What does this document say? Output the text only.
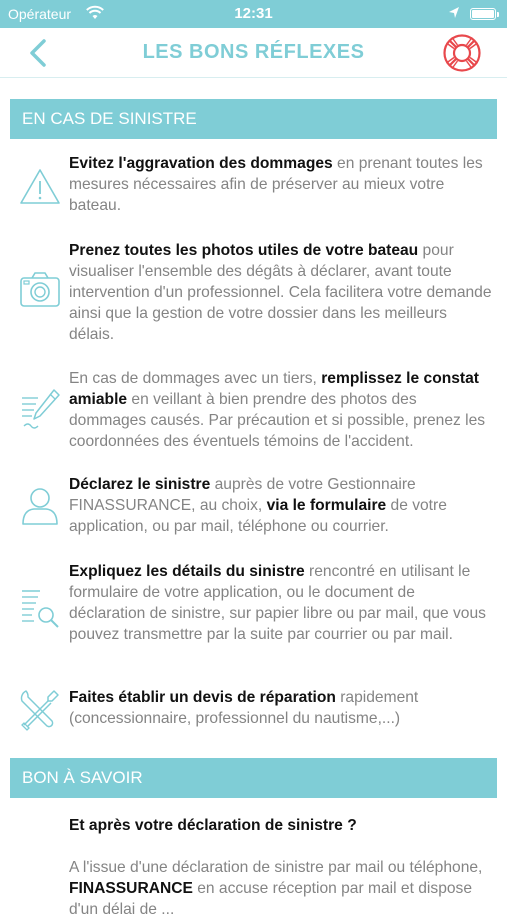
Opérateur	12:31
LES BONS RÉFLEXES
EN CAS DE SINISTRE
Evitez l'aggravation des dommages en prenant toutes les mesures nécessaires afin de préserver au mieux votre bateau.
Prenez toutes les photos utiles de votre bateau pour visualiser l'ensemble des dégâts à déclarer, avant toute intervention d'un professionnel. Cela facilitera votre demande ainsi que la gestion de votre dossier dans les meilleurs délais.
En cas de dommages avec un tiers, remplissez le constat amiable en veillant à bien prendre des photos des dommages causés. Par précaution et si possible, prenez les coordonnées des éventuels témoins de l'accident.
Déclarez le sinistre auprès de votre Gestionnaire FINASSURANCE, au choix, via le formulaire de votre application, ou par mail, téléphone ou courrier.
Expliquez les détails du sinistre rencontré en utilisant le formulaire de votre application, ou le document de déclaration de sinistre, sur papier libre ou par mail, que vous pouvez transmettre par la suite par courrier ou par mail.
Faites établir un devis de réparation rapidement (concessionnaire, professionnel du nautisme,...)
BON À SAVOIR
Et après votre déclaration de sinistre ?
A l'issue d'une déclaration de sinistre par mail ou téléphone, FINASSURANCE en accuse réception par mail et dispose d'un délai de ...
